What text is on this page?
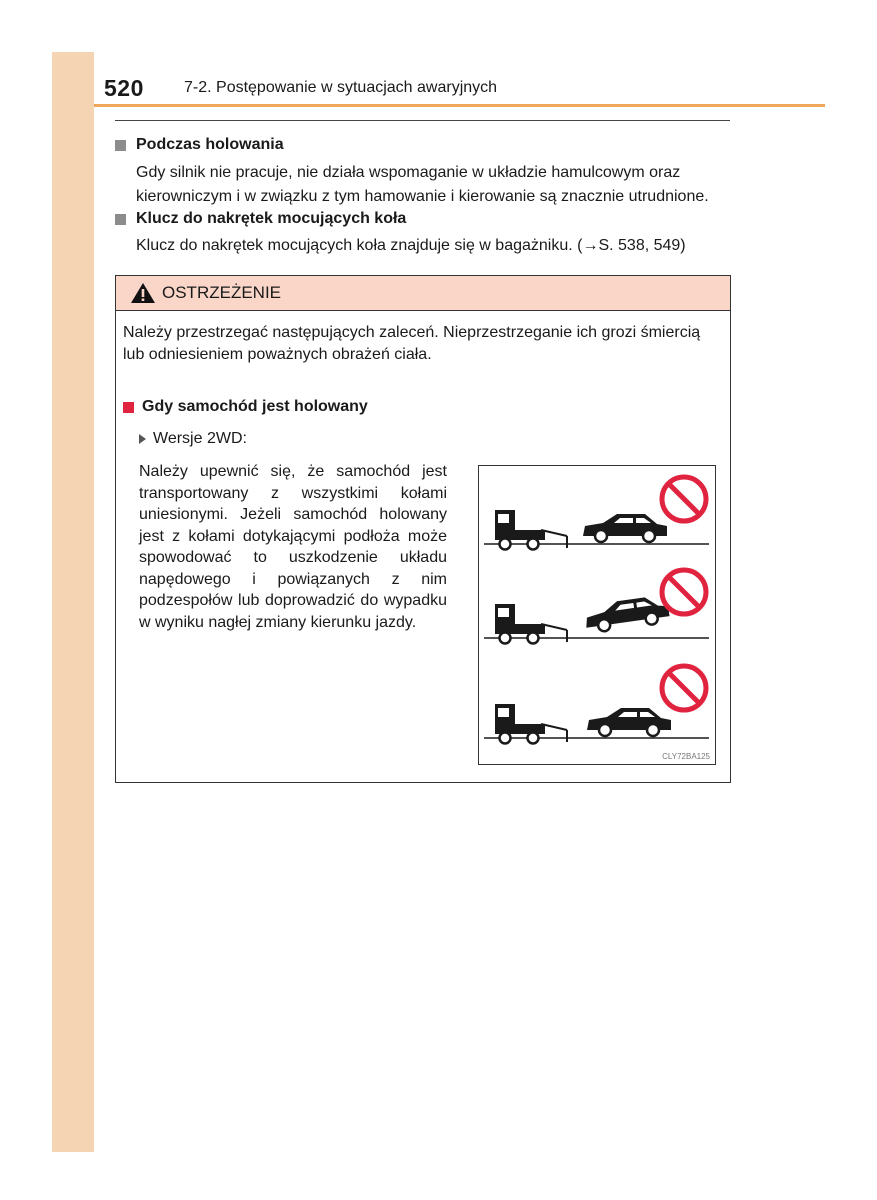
520	7-2. Postępowanie w sytuacjach awaryjnych
Podczas holowania
Gdy silnik nie pracuje, nie działa wspomaganie w układzie hamulcowym oraz kierowniczym i w związku z tym hamowanie i kierowanie są znacznie utrudnione.
Klucz do nakrętek mocujących koła
Klucz do nakrętek mocujących koła znajduje się w bagażniku. (→S. 538, 549)
OSTRZEŻENIE
Należy przestrzegać następujących zaleceń. Nieprzestrzeganie ich grozi śmiercią lub odniesieniem poważnych obrażeń ciała.
Gdy samochód jest holowany
Wersje 2WD:
Należy upewnić się, że samochód jest transportowany z wszystkimi kołami uniesionymi. Jeżeli samochód holowany jest z kołami dotykającymi podłoża może spowodować to uszkodzenie układu napędowego i powiązanych z nim podzespołów lub doprowadzić do wypadku w wyniku nagłej zmiany kierunku jazdy.
CLY72BA125
